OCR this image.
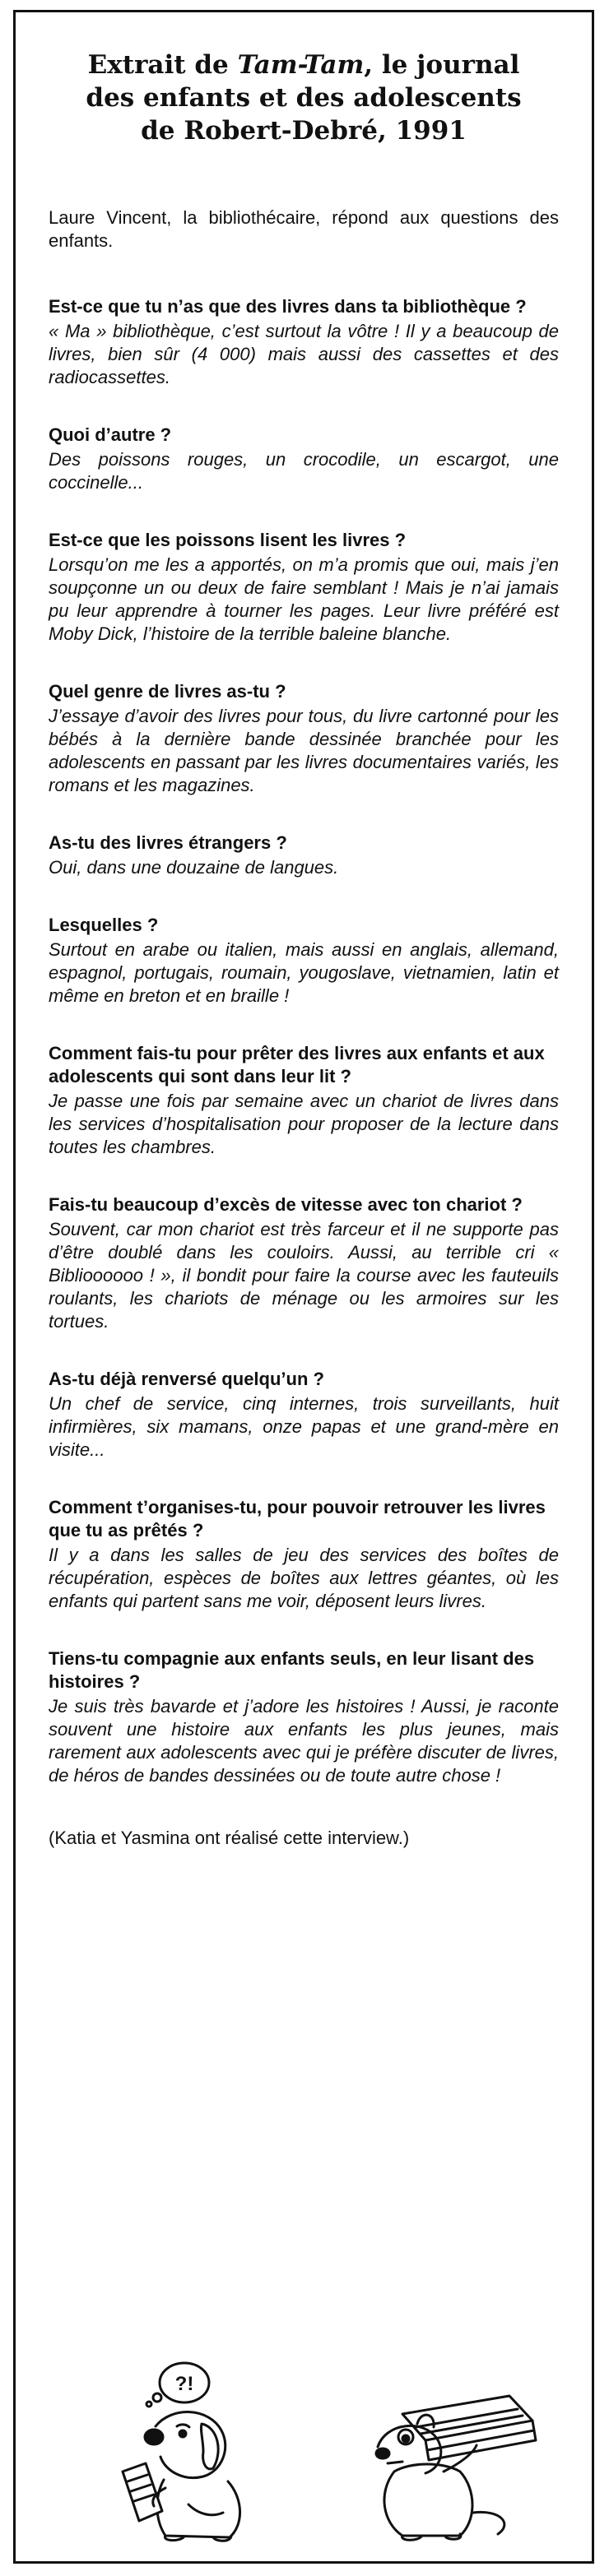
Extrait de Tam-Tam, le journal
des enfants et des adolescents
de Robert-Debré, 1991
Laure Vincent, la bibliothécaire, répond aux questions des enfants.
Est-ce que tu n’as que des livres dans ta bibliothèque ?
« Ma » bibliothèque, c’est surtout la vôtre ! Il y a beaucoup de livres, bien sûr (4 000) mais aussi des cassettes et des radiocassettes.
Quoi d’autre ?
Des poissons rouges, un crocodile, un escargot, une coccinelle...
Est-ce que les poissons lisent les livres ?
Lorsqu’on me les a apportés, on m’a promis que oui, mais j’en soupçonne un ou deux de faire semblant ! Mais je n’ai jamais pu leur apprendre à tourner les pages. Leur livre préféré est Moby Dick, l’histoire de la terrible baleine blanche.
Quel genre de livres as-tu ?
J’essaye d’avoir des livres pour tous, du livre cartonné pour les bébés à la dernière bande dessinée branchée pour les adolescents en passant par les livres documentaires variés, les romans et les magazines.
As-tu des livres étrangers ?
Oui, dans une douzaine de langues.
Lesquelles ?
Surtout en arabe ou italien, mais aussi en anglais, allemand, espagnol, portugais, roumain, yougoslave, vietnamien, latin et même en breton et en braille !
Comment fais-tu pour prêter des livres aux enfants et aux adolescents qui sont dans leur lit ?
Je passe une fois par semaine avec un chariot de livres dans les services d’hospitalisation pour proposer de la lecture dans toutes les chambres.
Fais-tu beaucoup d’excès de vitesse avec ton chariot ?
Souvent, car mon chariot est très farceur et il ne supporte pas d’être doublé dans les couloirs. Aussi, au terrible cri « Biblioooooo ! », il bondit pour faire la course avec les fauteuils roulants, les chariots de ménage ou les armoires sur les tortues.
As-tu déjà renversé quelqu’un ?
Un chef de service, cinq internes, trois surveillants, huit infirmières, six mamans, onze papas et une grand-mère en visite...
Comment t’organises-tu, pour pouvoir retrouver les livres que tu as prêtés ?
Il y a dans les salles de jeu des services des boîtes de récupération, espèces de boîtes aux lettres géantes, où les enfants qui partent sans me voir, déposent leurs livres.
Tiens-tu compagnie aux enfants seuls, en leur lisant des histoires ?
Je suis très bavarde et j’adore les histoires ! Aussi, je raconte souvent une histoire aux enfants les plus jeunes, mais rarement aux adolescents avec qui je préfère discuter de livres, de héros de bandes dessinées ou de toute autre chose !
(Katia et Yasmina ont réalisé cette interview.)
?!
